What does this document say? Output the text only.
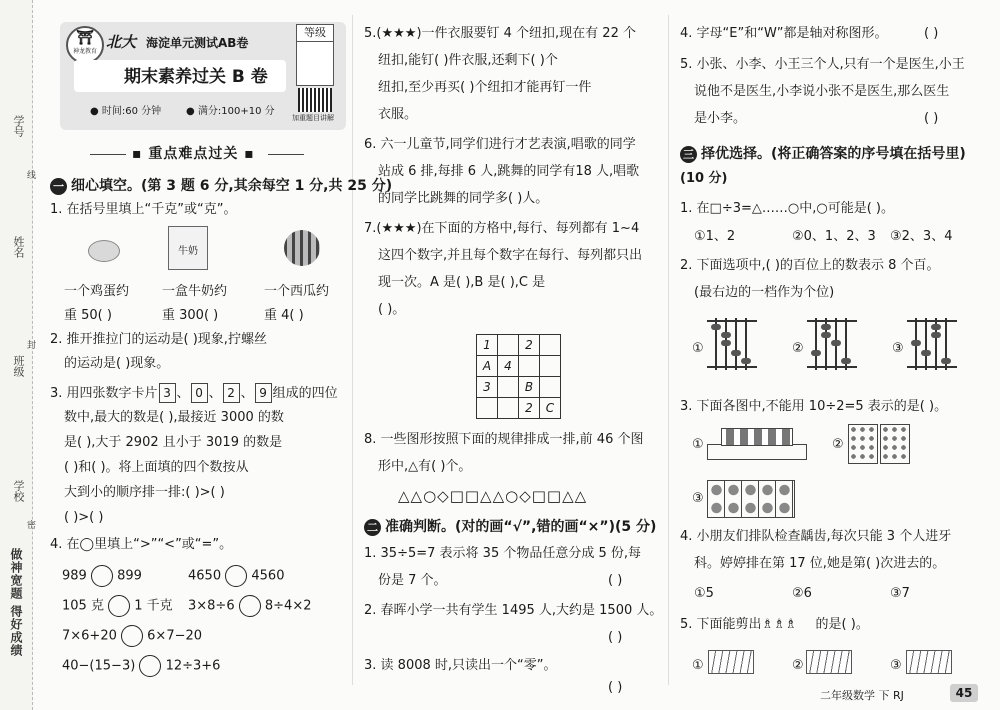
学号
姓名
班级
学校
做神宽题 得好成绩
线
封
密
⛩
神龙教育
北大 海淀单元测试AB卷
等级
期末素养过关 B 卷
● 时间:60 分钟 ● 满分:100+10 分
加重题目讲解
▪ 重点难点过关 ▪
一 细心填空。(第 3 题 6 分,其余每空 1 分,共 25 分)
1. 在括号里填上“千克”或“克”。
牛奶
一个鸡蛋约	一盒牛奶约	一个西瓜约
重 50( )	重 300( )	重 4( )
2. 推开推拉门的运动是( )现象,拧螺丝
的运动是( )现象。
3. 用四张数字卡片 3 、 0 、 2 、 9 组成的四位
数中,最大的数是( ),最接近 3000 的数
是( ),大于 2902 且小于 3019 的数是
( )和( )。将上面填的四个数按从
大到小的顺序排一排:( )>( )
( )>( )
4. 在◯里填上“>”“<”或“=”。
989 899	4650 4560
105 克 1 千克 3×8÷6 8÷4×2
7×6+20 6×7−20
40−(15−3) 12÷3+6
5.(★★★)一件衣服要钉 4 个纽扣,现在有 22 个
纽扣,能钉( )件衣服,还剩下( )个
纽扣,至少再买( )个纽扣才能再钉一件
衣服。
6. 六一儿童节,同学们进行才艺表演,唱歌的同学
站成 6 排,每排 6 人,跳舞的同学有18 人,唱歌
的同学比跳舞的同学多( )人。
7.(★★★)在下面的方格中,每行、每列都有 1~4
这四个数字,并且每个数字在每行、每列都只出
现一次。A 是( ),B 是( ),C 是
( )。
1		2	
A	4		
3		B	
		2	C
8. 一些图形按照下面的规律排成一排,前 46 个图
形中,△有( )个。
△△○◇□□△△○◇□□△△
二 准确判断。(对的画“√”,错的画“×”)(5 分)
1. 35÷5=7 表示将 35 个物品任意分成 5 份,每
份是 7 个。	( )
2. 春晖小学一共有学生 1495 人,大约是 1500 人。
( )
3. 读 8008 时,只读出一个“零”。
( )
4. 字母“E”和“W”都是轴对称图形。	( )
5. 小张、小李、小王三个人,只有一个是医生,小王
说他不是医生,小李说小张不是医生,那么医生
是小李。	( )
三 择优选择。(将正确答案的序号填在括号里)
(10 分)
1. 在□÷3=△……○中,○可能是( )。
①1、2	②0、1、2、3 ③2、3、4
2. 下面选项中,( )的百位上的数表示 8 个百。
(最右边的一档作为个位)
①	②	③
3. 下面各图中,不能用 10÷2=5 表示的是( )。
①	②
③
4. 小朋友们排队检查龋齿,每次只能 3 个人进牙
科。婷婷排在第 17 位,她是第( )次进去的。
①5	②6	③7
5. 下面能剪出♗♗♗ 的是( )。
①	②	③
二年级数学 下 RJ	45
